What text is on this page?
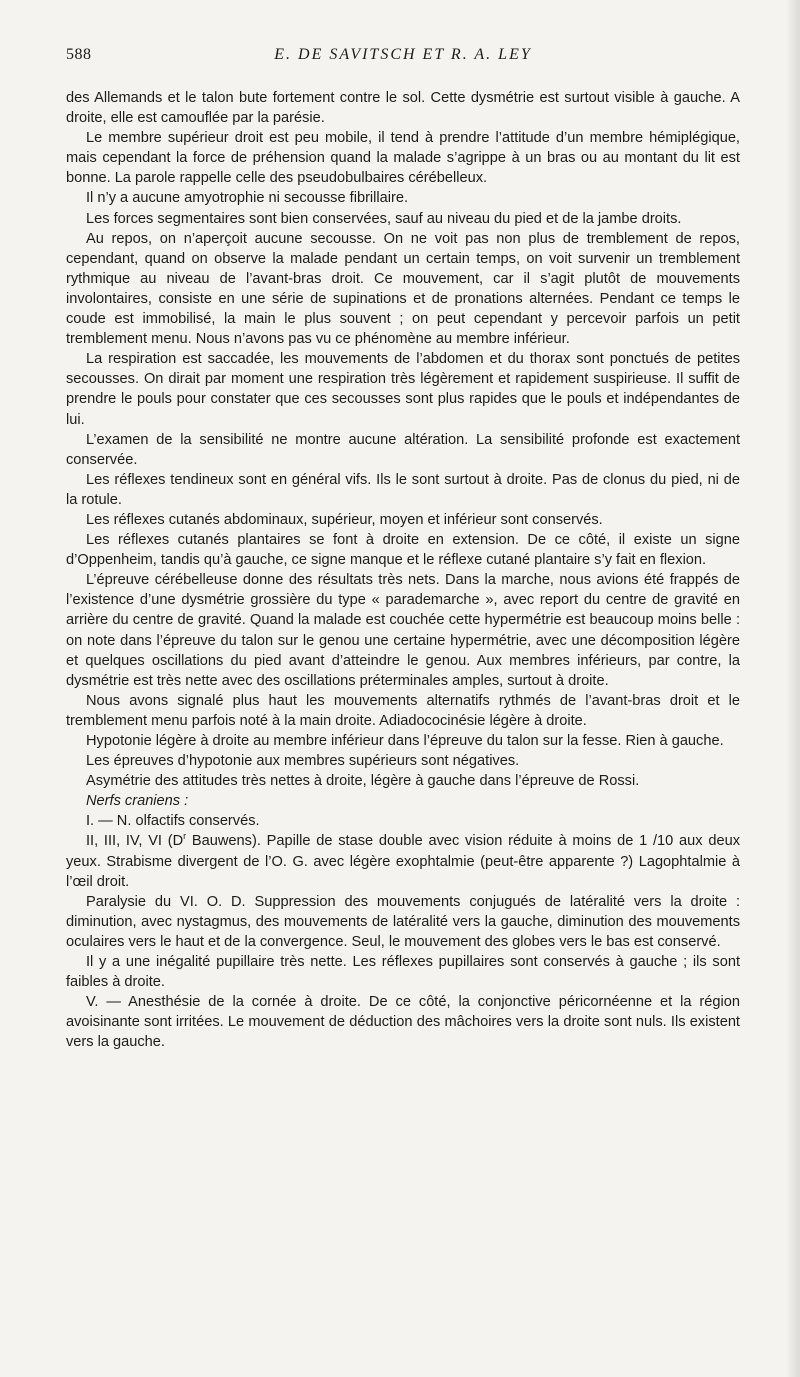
588	E. DE SAVITSCH ET R. A. LEY

des Allemands et le talon bute fortement contre le sol. Cette dysmétrie est surtout visible à gauche. A droite, elle est camouflée par la parésie.

Le membre supérieur droit est peu mobile, il tend à prendre l’attitude d’un membre hémiplégique, mais cependant la force de préhension quand la malade s’agrippe à un bras ou au montant du lit est bonne. La parole rappelle celle des pseudobulbaires cérébelleux.

Il n’y a aucune amyotrophie ni secousse fibrillaire.

Les forces segmentaires sont bien conservées, sauf au niveau du pied et de la jambe droits.

Au repos, on n’aperçoit aucune secousse. On ne voit pas non plus de tremblement de repos, cependant, quand on observe la malade pendant un certain temps, on voit survenir un tremblement rythmique au niveau de l’avant-bras droit. Ce mouvement, car il s’agit plutôt de mouvements involontaires, consiste en une série de supinations et de pronations alternées. Pendant ce temps le coude est immobilisé, la main le plus souvent ; on peut cependant y percevoir parfois un petit tremblement menu. Nous n’avons pas vu ce phénomène au membre inférieur.

La respiration est saccadée, les mouvements de l’abdomen et du thorax sont ponctués de petites secousses. On dirait par moment une respiration très légèrement et rapidement suspirieuse. Il suffit de prendre le pouls pour constater que ces secousses sont plus rapides que le pouls et indépendantes de lui.

L’examen de la sensibilité ne montre aucune altération. La sensibilité profonde est exactement conservée.

Les réflexes tendineux sont en général vifs. Ils le sont surtout à droite. Pas de clonus du pied, ni de la rotule.

Les réflexes cutanés abdominaux, supérieur, moyen et inférieur sont conservés.

Les réflexes cutanés plantaires se font à droite en extension. De ce côté, il existe un signe d’Oppenheim, tandis qu’à gauche, ce signe manque et le réflexe cutané plantaire s’y fait en flexion.

L’épreuve cérébelleuse donne des résultats très nets. Dans la marche, nous avions été frappés de l’existence d’une dysmétrie grossière du type « parademarche », avec report du centre de gravité en arrière du centre de gravité. Quand la malade est couchée cette hypermétrie est beaucoup moins belle : on note dans l’épreuve du talon sur le genou une certaine hypermétrie, avec une décomposition légère et quelques oscillations du pied avant d’atteindre le genou. Aux membres inférieurs, par contre, la dysmétrie est très nette avec des oscillations préterminales amples, surtout à droite.

Nous avons signalé plus haut les mouvements alternatifs rythmés de l’avant-bras droit et le tremblement menu parfois noté à la main droite. Adiadococinésie légère à droite.

Hypotonie légère à droite au membre inférieur dans l’épreuve du talon sur la fesse. Rien à gauche.

Les épreuves d’hypotonie aux membres supérieurs sont négatives.

Asymétrie des attitudes très nettes à droite, légère à gauche dans l’épreuve de Rossi.

Nerfs craniens :

I. — N. olfactifs conservés.

II, III, IV, VI ($D^r$ Bauwens). Papille de stase double avec vision réduite à moins de 1 /10 aux deux yeux. Strabisme divergent de l’O. G. avec légère exophtalmie (peut-être apparente ?) Lagophtalmie à l’œil droit.

Paralysie du VI. O. D. Suppression des mouvements conjugués de latéralité vers la droite : diminution, avec nystagmus, des mouvements de latéralité vers la gauche, diminution des mouvements oculaires vers le haut et de la convergence. Seul, le mouvement des globes vers le bas est conservé.

Il y a une inégalité pupillaire très nette. Les réflexes pupillaires sont conservés à gauche ; ils sont faibles à droite.

V. — Anesthésie de la cornée à droite. De ce côté, la conjonctive péricornéenne et la région avoisinante sont irritées. Le mouvement de déduction des mâchoires vers la droite sont nuls. Ils existent vers la gauche.
